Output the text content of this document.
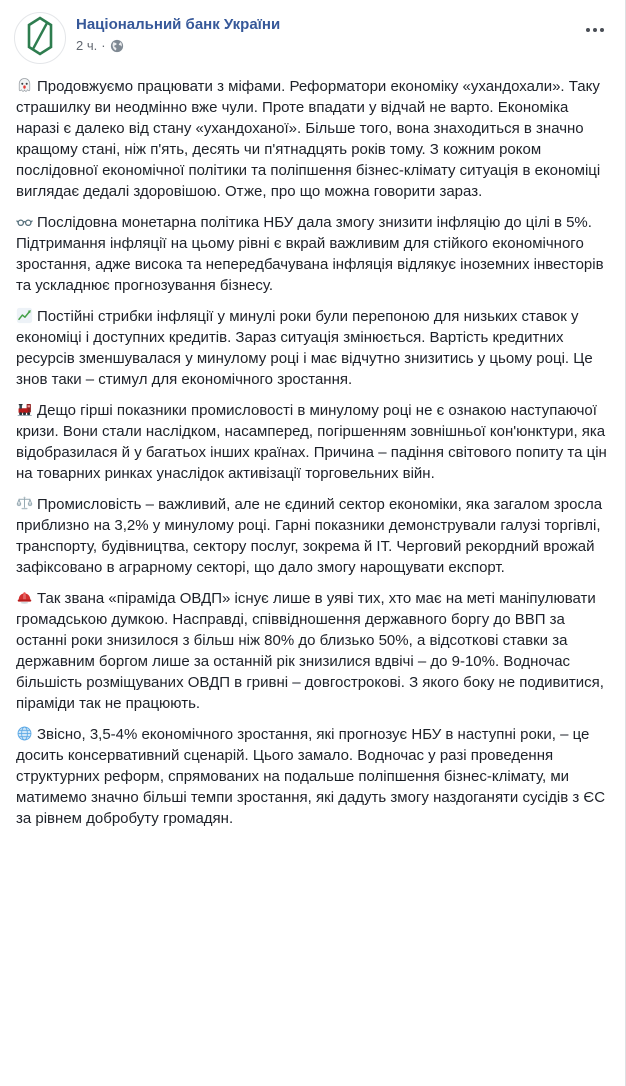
Національний банк України
2 ч. ·

Продовжуємо працювати з міфами. Реформатори економіку «ухандохали». Таку страшилку ви неодмінно вже чули. Проте впадати у відчай не варто. Економіка наразі є далеко від стану «ухандоханої». Більше того, вона знаходиться в значно кращому стані, ніж п'ять, десять чи п'ятнадцять років тому. З кожним роком послідовної економічної політики та поліпшення бізнес-клімату ситуація в економіці виглядає дедалі здоровішою. Отже, про що можна говорити зараз.

Послідовна монетарна політика НБУ дала змогу знизити інфляцію до цілі в 5%. Підтримання інфляції на цьому рівні є вкрай важливим для стійкого економічного зростання, адже висока та непередбачувана інфляція відлякує іноземних інвесторів та ускладнює прогнозування бізнесу.

Постійні стрибки інфляції у минулі роки були перепоною для низьких ставок у економіці і доступних кредитів. Зараз ситуація змінюється. Вартість кредитних ресурсів зменшувалася у минулому році і має відчутно знизитись у цьому році. Це знов таки – стимул для економічного зростання.

Дещо гірші показники промисловості в минулому році не є ознакою наступаючої кризи. Вони стали наслідком, насамперед, погіршенням зовнішньої кон'юнктури, яка відобразилася й у багатьох інших країнах. Причина – падіння світового попиту та цін на товарних ринках унаслідок активізації торговельних війн.

Промисловість – важливий, але не єдиний сектор економіки, яка загалом зросла приблизно на 3,2% у минулому році. Гарні показники демонстрували галузі торгівлі, транспорту, будівництва, сектору послуг, зокрема й ІТ. Черговий рекордний врожай зафіксовано в аграрному секторі, що дало змогу нарощувати експорт.

Так звана «піраміда ОВДП» існує лише в уяві тих, хто має на меті маніпулювати громадською думкою. Насправді, співвідношення державного боргу до ВВП за останні роки знизилося з більш ніж 80% до близько 50%, а відсоткові ставки за державним боргом лише за останній рік знизилися вдвічі – до 9-10%. Водночас більшість розміщуваних ОВДП в гривні – довгострокові. З якого боку не подивитися, піраміди так не працюють.

Звісно, 3,5-4% економічного зростання, які прогнозує НБУ в наступні роки, – це досить консервативний сценарій. Цього замало. Водночас у разі проведення структурних реформ, спрямованих на подальше поліпшення бізнес-клімату, ми матимемо значно більші темпи зростання, які дадуть змогу наздоганяти сусідів з ЄС за рівнем добробуту громадян.
